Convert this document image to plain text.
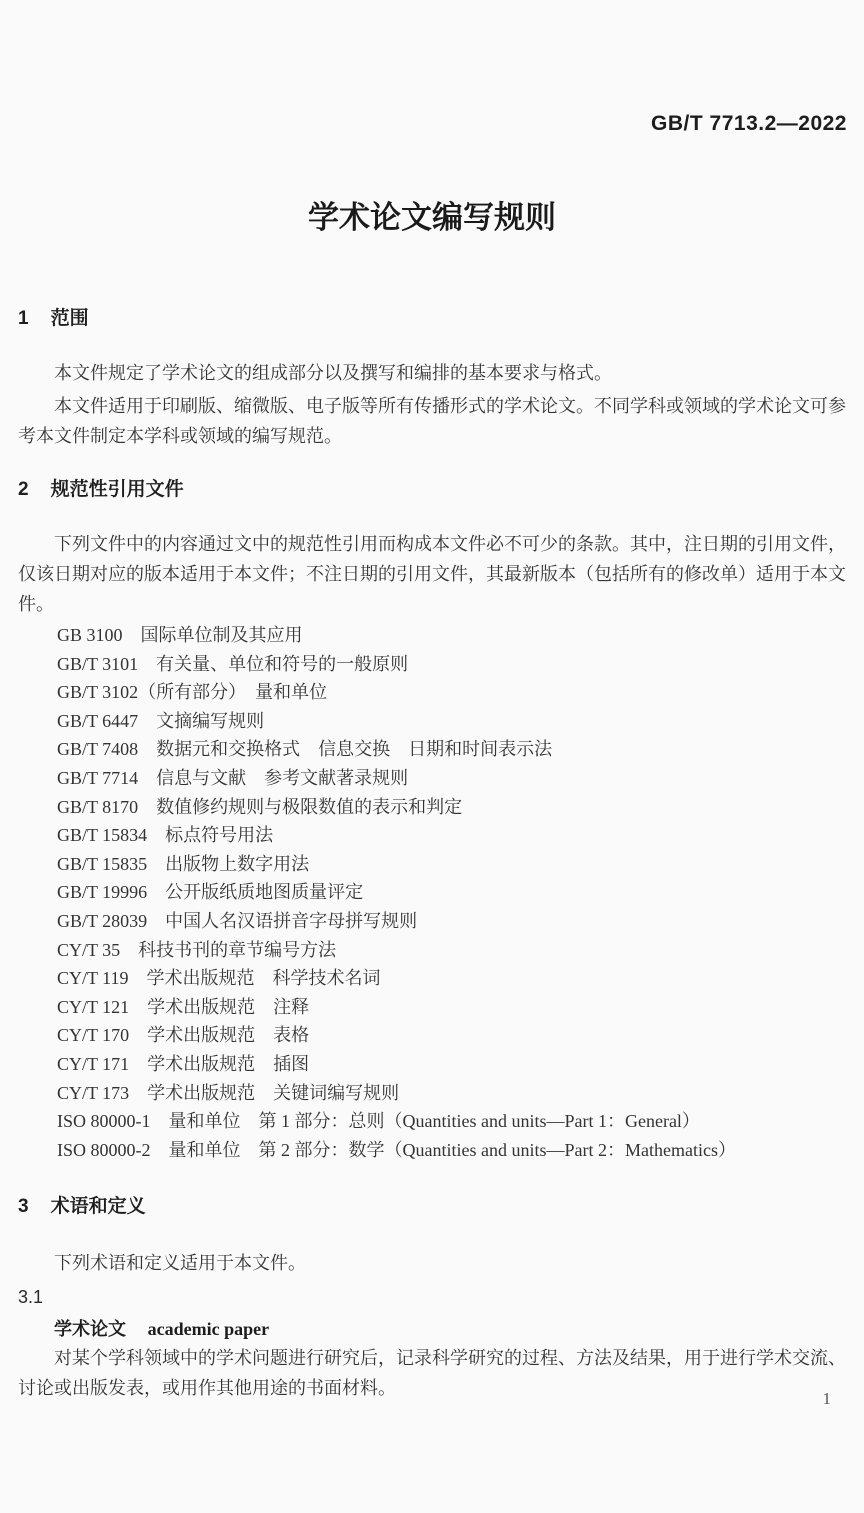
GB/T 7713.2—2022
学术论文编写规则
1 范围

本文件规定了学术论文的组成部分以及撰写和编排的基本要求与格式。

本文件适用于印刷版、缩微版、电子版等所有传播形式的学术论文。不同学科或领域的学术论文可参考本文件制定本学科或领域的编写规范。

2 规范性引用文件

下列文件中的内容通过文中的规范性引用而构成本文件必不可少的条款。其中，注日期的引用文件，仅该日期对应的版本适用于本文件；不注日期的引用文件，其最新版本（包括所有的修改单）适用于本文件。

GB 3100　国际单位制及其应用
GB/T 3101　有关量、单位和符号的一般原则
GB/T 3102（所有部分）　量和单位
GB/T 6447　文摘编写规则
GB/T 7408　数据元和交换格式　信息交换　日期和时间表示法
GB/T 7714　信息与文献　参考文献著录规则
GB/T 8170　数值修约规则与极限数值的表示和判定
GB/T 15834　标点符号用法
GB/T 15835　出版物上数字用法
GB/T 19996　公开版纸质地图质量评定
GB/T 28039　中国人名汉语拼音字母拼写规则
CY/T 35　科技书刊的章节编号方法
CY/T 119　学术出版规范　科学技术名词
CY/T 121　学术出版规范　注释
CY/T 170　学术出版规范　表格
CY/T 171　学术出版规范　插图
CY/T 173　学术出版规范　关键词编写规则
ISO 80000-1　量和单位　第 1 部分：总则（Quantities and units—Part 1：General）
ISO 80000-2　量和单位　第 2 部分：数学（Quantities and units—Part 2：Mathematics）
3 术语和定义

下列术语和定义适用于本文件。

3.1
学术论文 academic paper

对某个学科领域中的学术问题进行研究后，记录科学研究的过程、方法及结果，用于进行学术交流、讨论或出版发表，或用作其他用途的书面材料。

1
